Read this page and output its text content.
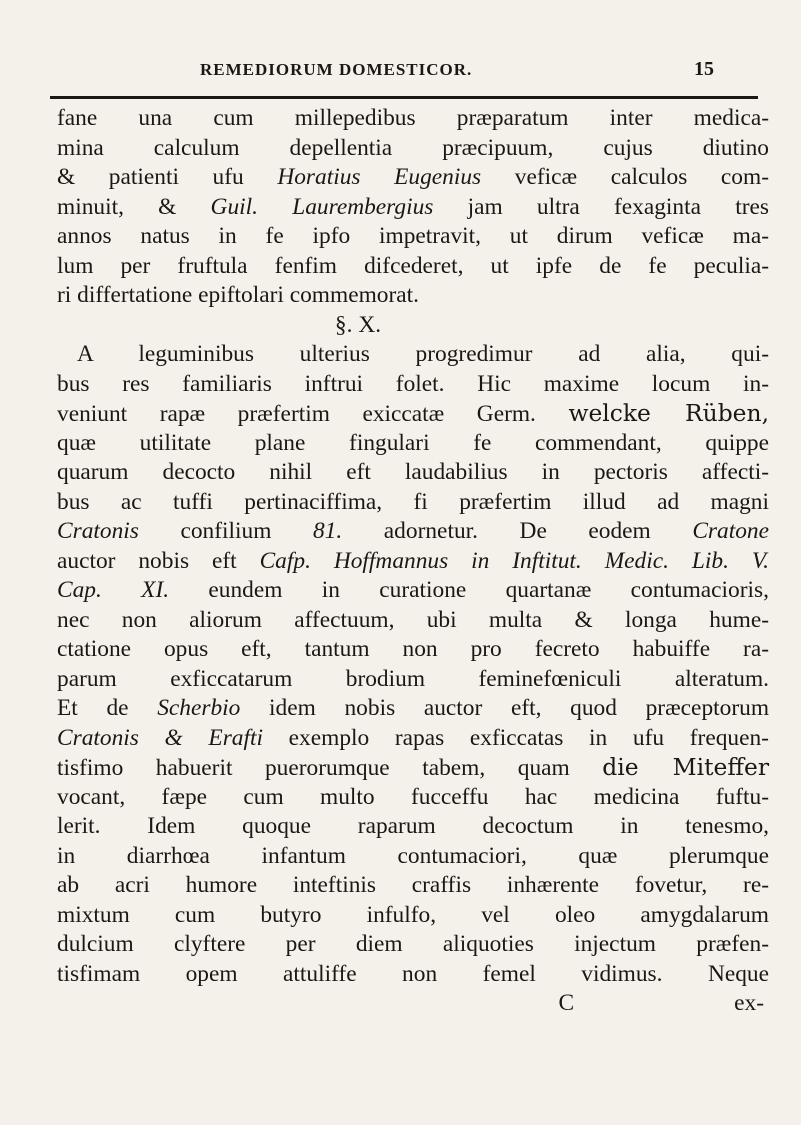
REMEDIORUM DOMESTICOR.	15
fane una cum millepedibus præparatum inter medica-
mina calculum depellentia præcipuum, cujus diutino
& patienti ufu Horatius Eugenius veficæ calculos com-
minuit, & Guil. Laurembergius jam ultra fexaginta tres
annos natus in fe ipfo impetravit, ut dirum veficæ ma-
lum per fruftula fenfim difcederet, ut ipfe de fe peculia-
ri differtatione epiftolari commemorat.
§. X.
A leguminibus ulterius progredimur ad alia, qui-
bus res familiaris inftrui folet. Hic maxime locum in-
veniunt rapæ præfertim exiccatæ Germ. welcke Rüben,
quæ utilitate plane fingulari fe commendant, quippe
quarum decocto nihil eft laudabilius in pectoris affecti-
bus ac tuffi pertinaciffima, fi præfertim illud ad magni
Cratonis confilium 81. adornetur. De eodem Cratone
auctor nobis eft Cafp. Hoffmannus in Inftitut. Medic. Lib. V.
Cap. XI. eundem in curatione quartanæ contumacioris,
nec non aliorum affectuum, ubi multa & longa hume-
ctatione opus eft, tantum non pro fecreto habuiffe ra-
parum exficcatarum brodium feminefœniculi alteratum.
Et de Scherbio idem nobis auctor eft, quod præceptorum
Cratonis & Erafti exemplo rapas exficcatas in ufu frequen-
tisfimo habuerit puerorumque tabem, quam die Miteffer
vocant, fæpe cum multo fucceffu hac medicina fuftu-
lerit. Idem quoque raparum decoctum in tenesmo,
in diarrhœa infantum contumaciori, quæ plerumque
ab acri humore inteftinis craffis inhærente fovetur, re-
mixtum cum butyro infulfo, vel oleo amygdalarum
dulcium clyftere per diem aliquoties injectum præfen-
tisfimam opem attuliffe non femel vidimus. Neque
C	ex-
